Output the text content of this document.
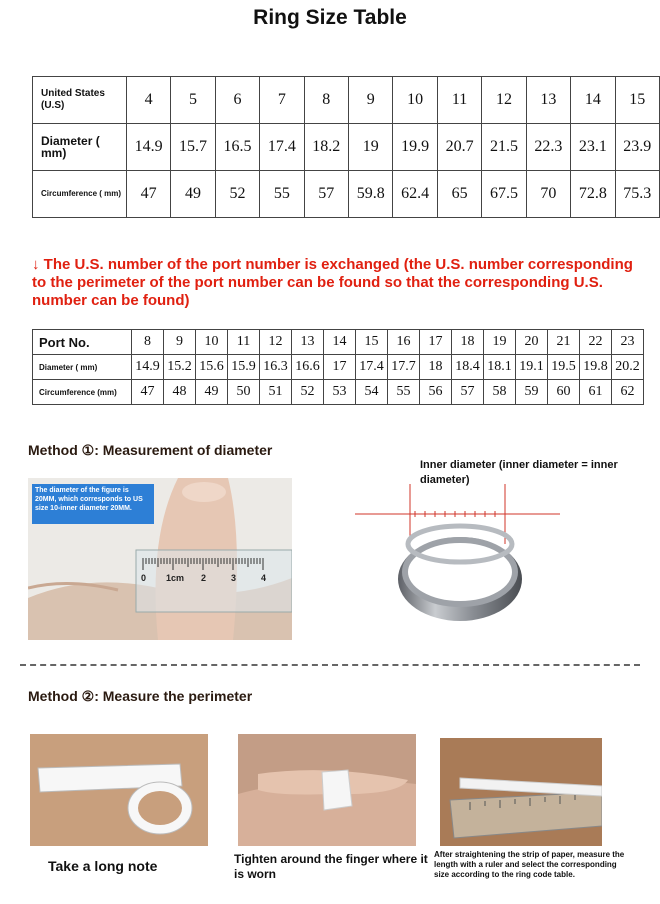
Ring Size Table
United States (U.S)	4	5	6	7	8	9	10	11	12	13	14	15
Diameter ( mm)	14.9	15.7	16.5	17.4	18.2	19	19.9	20.7	21.5	22.3	23.1	23.9
Circumference ( mm)	47	49	52	55	57	59.8	62.4	65	67.5	70	72.8	75.3
↓ The U.S. number of the port number is exchanged (the U.S. number corresponding to the perimeter of the port number can be found so that the corresponding U.S. number can be found)
Port No.	8	9	10	11	12	13	14	15	16	17	18	19	20	21	22	23
Diameter ( mm)	14.9	15.2	15.6	15.9	16.3	16.6	17	17.4	17.7	18	18.4	18.1	19.1	19.5	19.8	20.2
Circumference (mm)	47	48	49	50	51	52	53	54	55	56	57	58	59	60	61	62
Method ①: Measurement of diameter
The diameter of the figure is 20MM, which corresponds to US size 10-inner diameter 20MM.
0 1cm 2	3	4
Inner diameter (inner diameter = inner diameter)
Method ②: Measure the perimeter
Take a long note	Tighten around the finger where it is worn
After straightening the strip of paper, measure the length with a ruler and select the corresponding size according to the ring code table.
